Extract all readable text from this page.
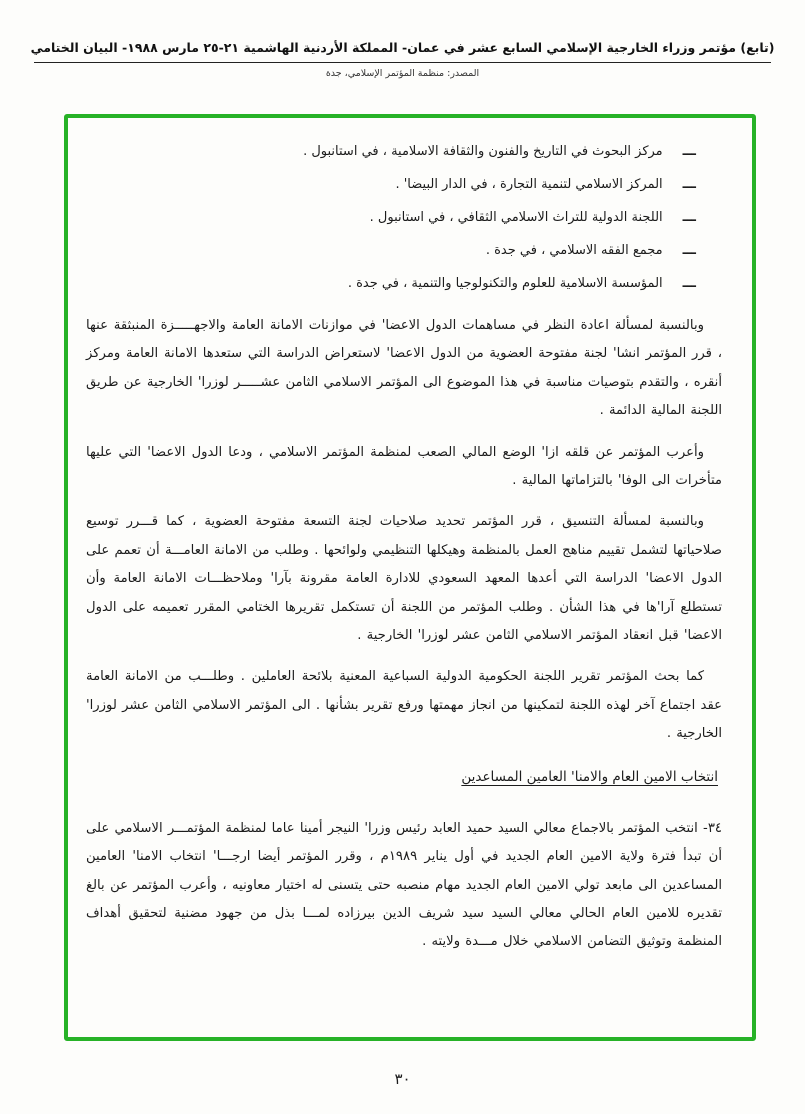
(تابع) مؤتمر وزراء الخارجية الإسلامي السابع عشر في عمان- المملكة الأردنية الهاشمية ٢١-٢٥ مارس ١٩٨٨- البيان الختامي
المصدر: منظمة المؤتمر الإسلامي، جدة
ـــ
مركز البحوث في التاريخ والفنون والثقافة الاسلامية ، في استانبول .
ـــ
المركز الاسلامي لتنمية التجارة ، في الدار البيضا' .
ـــ
اللجنة الدولية للتراث الاسلامي الثقافي ، في استانبول .
ـــ
مجمع الفقه الاسلامي ، في جدة .
ـــ
المؤسسة الاسلامية للعلوم والتكنولوجيا والتنمية ، في جدة .

وبالنسبة لمسألة اعادة النظر في مساهمات الدول الاعضا' في موازنات الامانة العامة والاجهـــــزة المنبثقة عنها ، قرر المؤتمر انشا' لجنة مفتوحة العضوية من الدول الاعضا' لاستعراض الدراسة التي ستعدها الامانة العامة ومركز أنقره ، والتقدم بتوصيات مناسبة في هذا الموضوع الى المؤتمر الاسلامي الثامن عشـــــر لوزرا' الخارجية عن طريق اللجنة المالية الدائمة .

وأعرب المؤتمر عن قلقه ازا' الوضع المالي الصعب لمنظمة المؤتمر الاسلامي ، ودعا الدول الاعضا' التي عليها متأخرات الى الوفا' بالتزاماتها المالية .

وبالنسبة لمسألة التنسيق ، قرر المؤتمر تحديد صلاحيات لجنة التسعة مفتوحة العضوية ، كما قـــرر توسيع صلاحياتها لتشمل تقييم مناهج العمل بالمنظمة وهيكلها التنظيمي ولوائحها . وطلب من الامانة العامـــة أن تعمم على الدول الاعضا' الدراسة التي أعدها المعهد السعودي للادارة العامة مقرونة بآرا' وملاحظـــات الامانة العامة وأن تستطلع آرا'ها في هذا الشأن . وطلب المؤتمر من اللجنة أن تستكمل تقريرها الختامي المقرر تعميمه على الدول الاعضا' قبل انعقاد المؤتمر الاسلامي الثامن عشر لوزرا' الخارجية .

كما بحث المؤتمر تقرير اللجنة الحكومية الدولية السباعية المعنية بلائحة العاملين . وطلـــب من الامانة العامة عقد اجتماع آخر لهذه اللجنة لتمكينها من انجاز مهمتها ورفع تقرير بشأنها . الى المؤتمر الاسلامي الثامن عشر لوزرا' الخارجية .

انتخاب الامين العام والامنا' العامين المساعدين

٣٤- انتخب المؤتمر بالاجماع معالي السيد حميد العابد رئيس وزرا' النيجر أمينا عاما لمنظمة المؤتمـــر الاسلامي على أن تبدأ فترة ولاية الامين العام الجديد في أول يناير ١٩٨٩م ، وقرر المؤتمر أيضا ارجـــا' انتخاب الامنا' العامين المساعدين الى مابعد تولي الامين العام الجديد مهام منصبه حتى يتسنى له اختيار معاونيه ، وأعرب المؤتمر عن بالغ تقديره للامين العام الحالي معالي السيد سيد شريف الدين بيرزاده لمـــا بذل من جهود مضنية لتحقيق أهداف المنظمة وتوثيق التضامن الاسلامي خلال مـــدة ولايته .

٣٠
